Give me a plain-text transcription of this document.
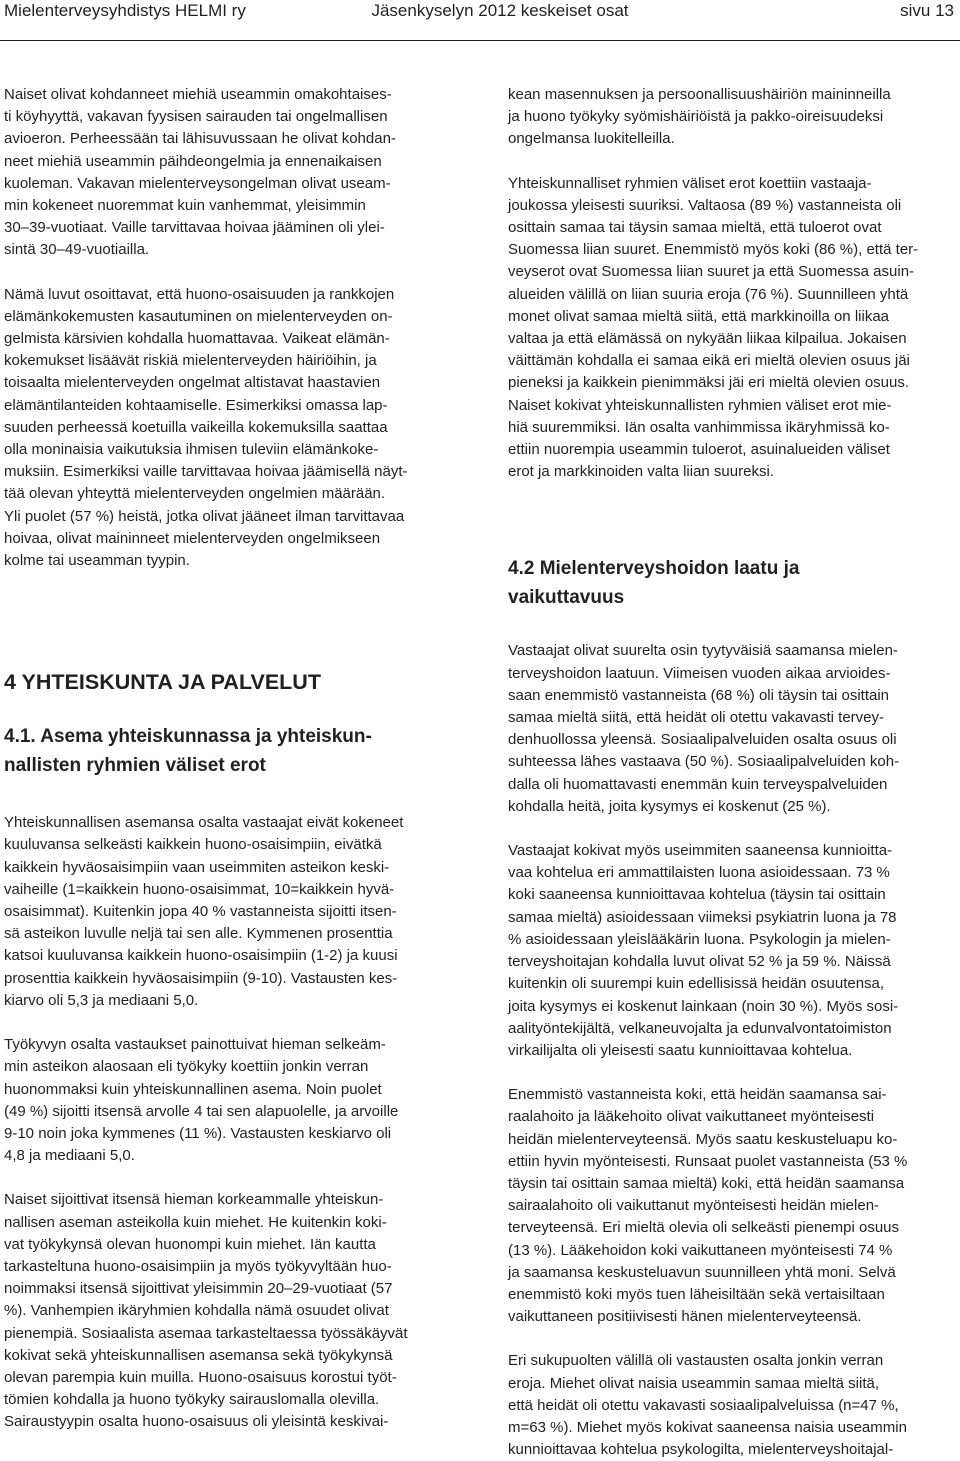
Mielenterveysyhdistys HELMI ry	Jäsenkyselyn 2012 keskeiset osat	sivu 13

Naiset olivat kohdanneet miehiä useammin omakohtaises-
ti köyhyyttä, vakavan fyysisen sairauden tai ongelmallisen
avioeron. Perheessään tai lähisuvussaan he olivat kohdan-
neet miehiä useammin päihdeongelmia ja ennenaikaisen
kuoleman. Vakavan mielenterveysongelman olivat useam-
min kokeneet nuoremmat kuin vanhemmat, yleisimmin
30‒39-vuotiaat. Vaille tarvittavaa hoivaa jääminen oli ylei-
sintä 30‒49-vuotiailla.

Nämä luvut osoittavat, että huono-osaisuuden ja rankkojen
elämänkokemusten kasautuminen on mielenterveyden on-
gelmista kärsivien kohdalla huomattavaa. Vaikeat elämän-
kokemukset lisäävät riskiä mielenterveyden häiriöihin, ja
toisaalta mielenterveyden ongelmat altistavat haastavien
elämäntilanteiden kohtaamiselle. Esimerkiksi omassa lap-
suuden perheessä koetuilla vaikeilla kokemuksilla saattaa
olla moninaisia vaikutuksia ihmisen tuleviin elämänkoke-
muksiin. Esimerkiksi vaille tarvittavaa hoivaa jäämisellä näyt-
tää olevan yhteyttä mielenterveyden ongelmien määrään.
Yli puolet (57 %) heistä, jotka olivat jääneet ilman tarvittavaa
hoivaa, olivat maininneet mielenterveyden ongelmikseen
kolme tai useamman tyypin.

4 YHTEISKUNTA JA PALVELUT
4.1. Asema yhteiskunnassa ja yhteiskun-
nallisten ryhmien väliset erot

Yhteiskunnallisen asemansa osalta vastaajat eivät kokeneet
kuuluvansa selkeästi kaikkein huono-osaisimpiin, eivätkä
kaikkein hyväosaisimpiin vaan useimmiten asteikon keski-
vaiheille (1=kaikkein huono-osaisimmat, 10=kaikkein hyvä-
osaisimmat). Kuitenkin jopa 40 % vastanneista sijoitti itsen-
sä asteikon luvulle neljä tai sen alle. Kymmenen prosenttia
katsoi kuuluvansa kaikkein huono-osaisimpiin (1-2) ja kuusi
prosenttia kaikkein hyväosaisimpiin (9-10). Vastausten kes-
kiarvo oli 5,3 ja mediaani 5,0.

Työkyvyn osalta vastaukset painottuivat hieman selkeäm-
min asteikon alaosaan eli työkyky koettiin jonkin verran
huonommaksi kuin yhteiskunnallinen asema. Noin puolet
(49 %) sijoitti itsensä arvolle 4 tai sen alapuolelle, ja arvoille
9-10 noin joka kymmenes (11 %). Vastausten keskiarvo oli
4,8 ja mediaani 5,0.

Naiset sijoittivat itsensä hieman korkeammalle yhteiskun-
nallisen aseman asteikolla kuin miehet. He kuitenkin koki-
vat työkykynsä olevan huonompi kuin miehet. Iän kautta
tarkasteltuna huono-osaisimpiin ja myös työkyvyltään huo-
noimmaksi itsensä sijoittivat yleisimmin 20‒29-vuotiaat (57
%). Vanhempien ikäryhmien kohdalla nämä osuudet olivat
pienempiä. Sosiaalista asemaa tarkasteltaessa työssäkäyvät
kokivat sekä yhteiskunnallisen asemansa sekä työkykynsä
olevan parempia kuin muilla. Huono-osaisuus korostui työt-
tömien kohdalla ja huono työkyky sairauslomalla olevilla.
Sairaustyypin osalta huono-osaisuus oli yleisintä keskivai-

kean masennuksen ja persoonallisuushäiriön maininneilla
ja huono työkyky syömishäiriöistä ja pakko-oireisuudeksi
ongelmansa luokitelleilla.

Yhteiskunnalliset ryhmien väliset erot koettiin vastaaja-
joukossa yleisesti suuriksi. Valtaosa (89 %) vastanneista oli
osittain samaa tai täysin samaa mieltä, että tuloerot ovat
Suomessa liian suuret. Enemmistö myös koki (86 %), että ter-
veyserot ovat Suomessa liian suuret ja että Suomessa asuin-
alueiden välillä on liian suuria eroja (76 %). Suunnilleen yhtä
monet olivat samaa mieltä siitä, että markkinoilla on liikaa
valtaa ja että elämässä on nykyään liikaa kilpailua. Jokaisen
väittämän kohdalla ei samaa eikä eri mieltä olevien osuus jäi
pieneksi ja kaikkein pienimmäksi jäi eri mieltä olevien osuus.
Naiset kokivat yhteiskunnallisten ryhmien väliset erot mie-
hiä suuremmiksi. Iän osalta vanhimmissa ikäryhmissä ko-
ettiin nuorempia useammin tuloerot, asuinalueiden väliset
erot ja markkinoiden valta liian suureksi.

4.2 Mielenterveyshoidon laatu ja
vaikuttavuus

Vastaajat olivat suurelta osin tyytyväisiä saamansa mielen-
terveyshoidon laatuun. Viimeisen vuoden aikaa arvioides-
saan enemmistö vastanneista (68 %) oli täysin tai osittain
samaa mieltä siitä, että heidät oli otettu vakavasti tervey-
denhuollossa yleensä. Sosiaalipalveluiden osalta osuus oli
suhteessa lähes vastaava (50 %). Sosiaalipalveluiden koh-
dalla oli huomattavasti enemmän kuin terveyspalveluiden
kohdalla heitä, joita kysymys ei koskenut (25 %).

Vastaajat kokivat myös useimmiten saaneensa kunnioitta-
vaa kohtelua eri ammattilaisten luona asioidessaan. 73 %
koki saaneensa kunnioittavaa kohtelua (täysin tai osittain
samaa mieltä) asioidessaan viimeksi psykiatrin luona ja 78
% asioidessaan yleislääkärin luona. Psykologin ja mielen-
terveyshoitajan kohdalla luvut olivat 52 % ja 59 %. Näissä
kuitenkin oli suurempi kuin edellisissä heidän osuutensa,
joita kysymys ei koskenut lainkaan (noin 30 %). Myös sosi-
aalityöntekijältä, velkaneuvojalta ja edunvalvontatoimiston
virkailijalta oli yleisesti saatu kunnioittavaa kohtelua.

Enemmistö vastanneista koki, että heidän saamansa sai-
raalahoito ja lääkehoito olivat vaikuttaneet myönteisesti
heidän mielenterveyteensä. Myös saatu keskusteluapu ko-
ettiin hyvin myönteisesti. Runsaat puolet vastanneista (53 %
täysin tai osittain samaa mieltä) koki, että heidän saamansa
sairaalahoito oli vaikuttanut myönteisesti heidän mielen-
terveyteensä. Eri mieltä olevia oli selkeästi pienempi osuus
(13 %). Lääkehoidon koki vaikuttaneen myönteisesti 74 %
ja saamansa keskusteluavun suunnilleen yhtä moni. Selvä
enemmistö koki myös tuen läheisiltään sekä vertaisiltaan
vaikuttaneen positiivisesti hänen mielenterveyteensä.

Eri sukupuolten välillä oli vastausten osalta jonkin verran
eroja. Miehet olivat naisia useammin samaa mieltä siitä,
että heidät oli otettu vakavasti sosiaalipalveluissa (n=47 %,
m=63 %). Miehet myös kokivat saaneensa naisia useammin
kunnioittavaa kohtelua psykologilta, mielenterveyshoitajal-
